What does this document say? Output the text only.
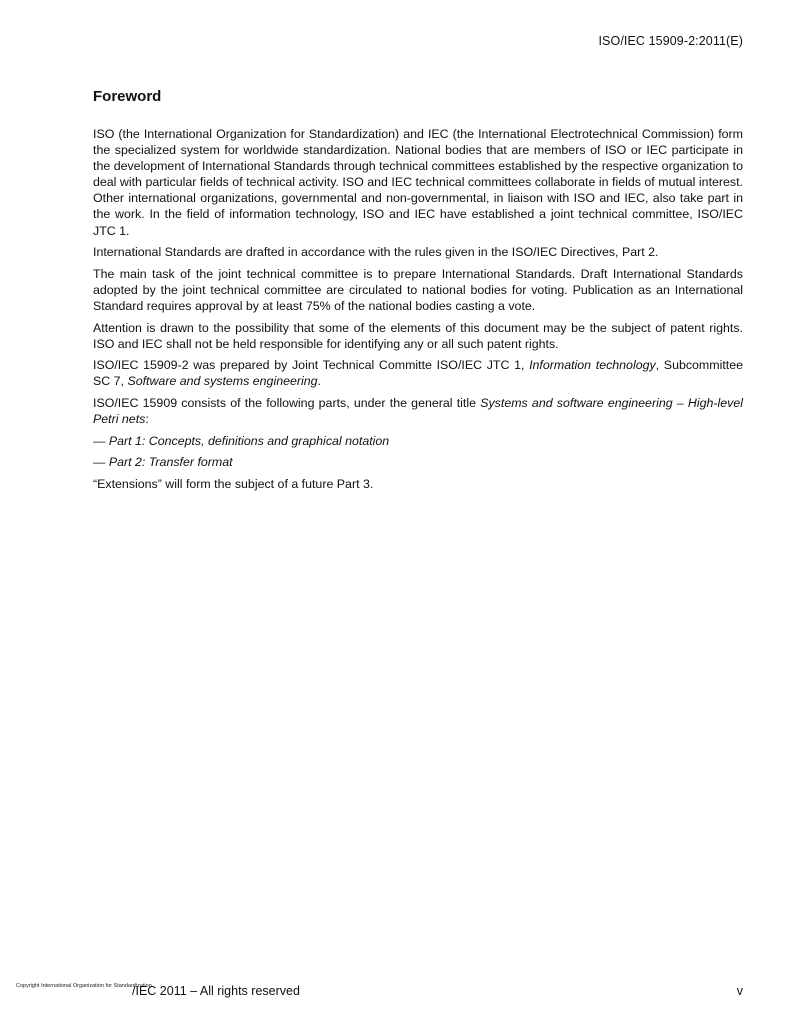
ISO/IEC 15909-2:2011(E)
Foreword

ISO (the International Organization for Standardization) and IEC (the International Electrotechnical Commission) form the specialized system for worldwide standardization. National bodies that are members of ISO or IEC participate in the development of International Standards through technical committees established by the respective organization to deal with particular fields of technical activity. ISO and IEC technical committees collaborate in fields of mutual interest. Other international organizations, governmental and non-governmental, in liaison with ISO and IEC, also take part in the work. In the field of information technology, ISO and IEC have established a joint technical committee, ISO/IEC JTC 1.

International Standards are drafted in accordance with the rules given in the ISO/IEC Directives, Part 2.

The main task of the joint technical committee is to prepare International Standards. Draft International Standards adopted by the joint technical committee are circulated to national bodies for voting. Publication as an International Standard requires approval by at least 75% of the national bodies casting a vote.

Attention is drawn to the possibility that some of the elements of this document may be the subject of patent rights. ISO and IEC shall not be held responsible for identifying any or all such patent rights.

ISO/IEC 15909-2 was prepared by Joint Technical Committe ISO/IEC JTC 1, Information technology, Subcommittee SC 7, Software and systems engineering.

ISO/IEC 15909 consists of the following parts, under the general title Systems and software engineering – High-level Petri nets:

— Part 1: Concepts, definitions and graphical notation

— Part 2: Transfer format

“Extensions” will form the subject of a future Part 3.

Copyright International Organization for Standardization
/IEC 2011 – All rights reserved	v
